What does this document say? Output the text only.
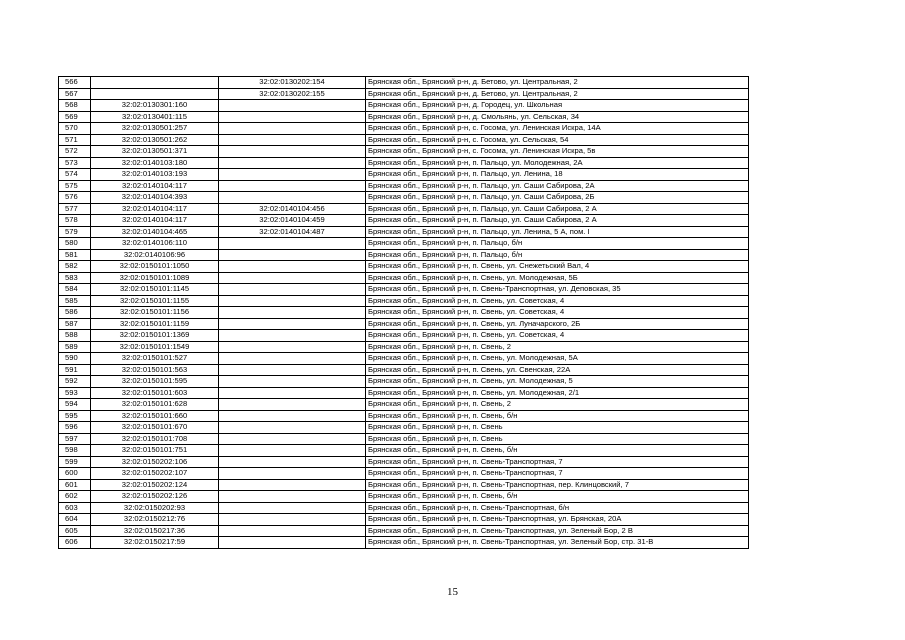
566		32:02:0130202:154	Брянская обл., Брянский р-н, д. Бетово, ул. Центральная, 2
567		32:02:0130202:155	Брянская обл., Брянский р-н, д. Бетово, ул. Центральная, 2
568	32:02:0130301:160		Брянская обл., Брянский р-н, д. Городец, ул. Школьная
569	32:02:0130401:115		Брянская обл., Брянский р-н, д. Смольянь, ул. Сельская, 34
570	32:02:0130501:257		Брянская обл., Брянский р-н, с. Госома, ул. Ленинская Искра, 14А
571	32:02:0130501:262		Брянская обл., Брянский р-н, с. Госома, ул. Сельская, 54
572	32:02:0130501:371		Брянская обл., Брянский р-н, с. Госома, ул. Ленинская Искра, 5в
573	32:02:0140103:180		Брянская обл., Брянский р-н, п. Пальцо, ул. Молодежная, 2А
574	32:02:0140103:193		Брянская обл., Брянский р-н, п. Пальцо, ул. Ленина, 18
575	32:02:0140104:117		Брянская обл., Брянский р-н, п. Пальцо, ул. Саши Сабирова, 2А
576	32:02:0140104:393		Брянская обл., Брянский р-н, п. Пальцо, ул. Саши Сабирова, 2Б
577	32:02:0140104:117	32:02:0140104:456	Брянская обл., Брянский р-н, п. Пальцо, ул. Саши Сабирова, 2 А
578	32:02:0140104:117	32:02:0140104:459	Брянская обл., Брянский р-н, п. Пальцо, ул. Саши Сабирова, 2 А
579	32:02:0140104:465	32:02:0140104:487	Брянская обл., Брянский р-н, п. Пальцо, ул. Ленина, 5 А, пом. I
580	32:02:0140106:110		Брянская обл., Брянский р-н, п. Пальцо, б/н
581	32:02:0140106:96		Брянская обл., Брянский р-н, п. Пальцо, б/н
582	32:02:0150101:1050		Брянская обл., Брянский р-н, п. Свень, ул. Снежетьский Вал, 4
583	32:02:0150101:1089		Брянская обл., Брянский р-н, п. Свень, ул. Молодежная, 5Б
584	32:02:0150101:1145		Брянская обл., Брянский р-н, п. Свень-Транспортная, ул. Деповская, 35
585	32:02:0150101:1155		Брянская обл., Брянский р-н, п. Свень, ул. Советская, 4
586	32:02:0150101:1156		Брянская обл., Брянский р-н, п. Свень, ул. Советская, 4
587	32:02:0150101:1159		Брянская обл., Брянский р-н, п. Свень, ул. Луначарского, 2Б
588	32:02:0150101:1369		Брянская обл., Брянский р-н, п. Свень, ул. Советская, 4
589	32:02:0150101:1549		Брянская обл., Брянский р-н, п. Свень, 2
590	32:02:0150101:527		Брянская обл., Брянский р-н, п. Свень, ул. Молодежная, 5А
591	32:02:0150101:563		Брянская обл., Брянский р-н, п. Свень, ул. Свенская, 22А
592	32:02:0150101:595		Брянская обл., Брянский р-н, п. Свень, ул. Молодежная, 5
593	32:02:0150101:603		Брянская обл., Брянский р-н, п. Свень, ул. Молодежная, 2/1
594	32:02:0150101:628		Брянская обл., Брянский р-н, п. Свень, 2
595	32:02:0150101:660		Брянская обл., Брянский р-н, п. Свень, б/н
596	32:02:0150101:670		Брянская обл., Брянский р-н, п. Свень
597	32:02:0150101:708		Брянская обл., Брянский р-н, п. Свень
598	32:02:0150101:751		Брянская обл., Брянский р-н, п. Свень, б/н
599	32:02:0150202:106		Брянская обл., Брянский р-н, п. Свень-Транспортная, 7
600	32:02:0150202:107		Брянская обл., Брянский р-н, п. Свень-Транспортная, 7
601	32:02:0150202:124		Брянская обл., Брянский р-н, п. Свень-Транспортная, пер. Клинцовский, 7
602	32:02:0150202:126		Брянская обл., Брянский р-н, п. Свень, б/н
603	32:02:0150202:93		Брянская обл., Брянский р-н, п. Свень-Транспортная, б/н
604	32:02:0150212:76		Брянская обл., Брянский р-н, п. Свень-Транспортная, ул. Брянская, 20А
605	32:02:0150217:36		Брянская обл., Брянский р-н, п. Свень-Транспортная, ул. Зеленый Бор, 2 В
606	32:02:0150217:59		Брянская обл., Брянский р-н, п. Свень-Транспортная, ул. Зеленый Бор, стр. 31-В
15
